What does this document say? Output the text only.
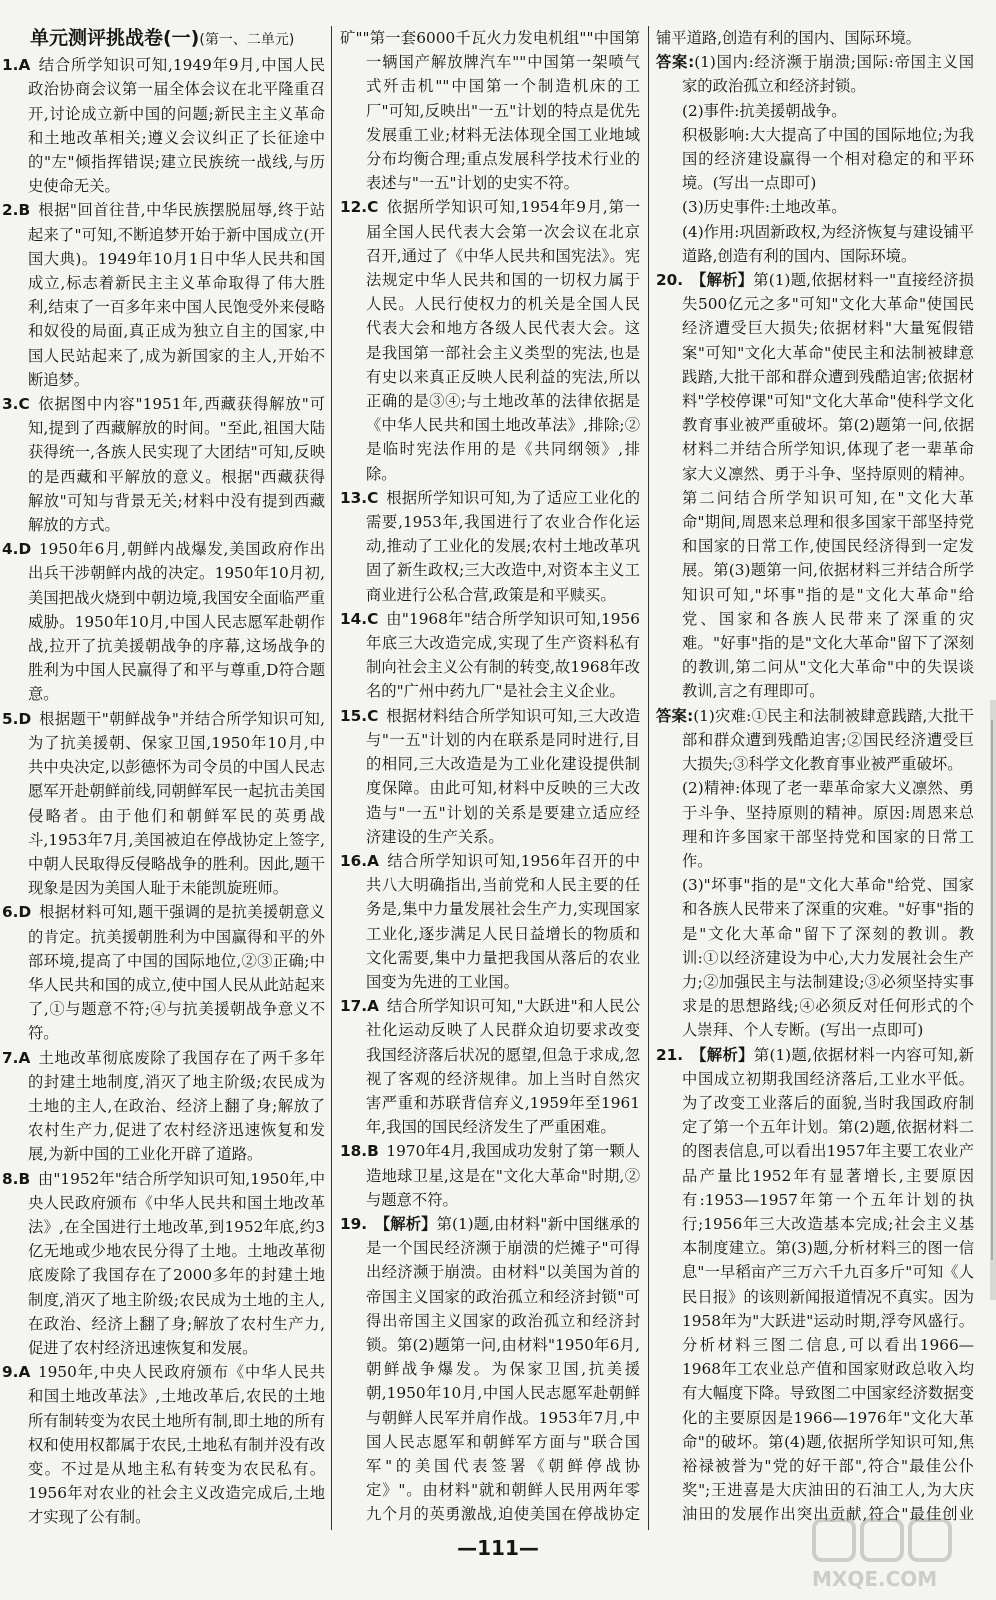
单元测评挑战卷(一)(第一、二单元)

1.A  结合所学知识可知,1949年9月,中国人民政治协商会议第一届全体会议在北平隆重召开,讨论成立新中国的问题;新民主主义革命和土地改革相关;遵义会议纠正了长征途中的"左"倾指挥错误;建立民族统一战线,与历史使命无关。

2.B  根据"回首往昔,中华民族摆脱屈辱,终于站起来了"可知,不断追梦开始于新中国成立(开国大典)。1949年10月1日中华人民共和国成立,标志着新民主主义革命取得了伟大胜利,结束了一百多年来中国人民饱受外来侵略和奴役的局面,真正成为独立自主的国家,中国人民站起来了,成为新国家的主人,开始不断追梦。

3.C  依据图中内容"1951年,西藏获得解放"可知,提到了西藏解放的时间。"至此,祖国大陆获得统一,各族人民实现了大团结"可知,反映的是西藏和平解放的意义。根据"西藏获得解放"可知与背景无关;材料中没有提到西藏解放的方式。

4.D  1950年6月,朝鲜内战爆发,美国政府作出出兵干涉朝鲜内战的决定。1950年10月初,美国把战火烧到中朝边境,我国安全面临严重威胁。1950年10月,中国人民志愿军赴朝作战,拉开了抗美援朝战争的序幕,这场战争的胜利为中国人民赢得了和平与尊重,D符合题意。

5.D  根据题干"朝鲜战争"并结合所学知识可知,为了抗美援朝、保家卫国,1950年10月,中共中央决定,以彭德怀为司令员的中国人民志愿军开赴朝鲜前线,同朝鲜军民一起抗击美国侵略者。由于他们和朝鲜军民的英勇战斗,1953年7月,美国被迫在停战协定上签字,中朝人民取得反侵略战争的胜利。因此,题干现象是因为美国人耻于未能凯旋班师。

6.D  根据材料可知,题干强调的是抗美援朝意义的肯定。抗美援朝胜利为中国赢得和平的外部环境,提高了中国的国际地位,②③正确;中华人民共和国的成立,使中国人民从此站起来了,①与题意不符;④与抗美援朝战争意义不符。

7.A  土地改革彻底废除了我国存在了两千多年的封建土地制度,消灭了地主阶级;农民成为土地的主人,在政治、经济上翻了身;解放了农村生产力,促进了农村经济迅速恢复和发展,为新中国的工业化开辟了道路。

8.B  由"1952年"结合所学知识可知,1950年,中央人民政府颁布《中华人民共和国土地改革法》,在全国进行土地改革,到1952年底,约3亿无地或少地农民分得了土地。土地改革彻底废除了我国存在了2000多年的封建土地制度,消灭了地主阶级;农民成为土地的主人,在政治、经济上翻了身;解放了农村生产力,促进了农村经济迅速恢复和发展。

9.A  1950年,中央人民政府颁布《中华人民共和国土地改革法》,土地改革后,农民的土地所有制转变为农民土地所有制,即土地的所有权和使用权都属于农民,土地私有制并没有改变。不过是从地主私有转变为农民私有。1956年对农业的社会主义改造完成后,土地才实现了公有制。

矿""第一套6000千瓦火力发电机组""中国第一辆国产解放牌汽车""中国第一架喷气式歼击机""中国第一个制造机床的工厂"可知,反映出"一五"计划的特点是优先发展重工业;材料无法体现全国工业地域分布均衡合理;重点发展科学技术行业的表述与"一五"计划的史实不符。

12.C  依据所学知识可知,1954年9月,第一届全国人民代表大会第一次会议在北京召开,通过了《中华人民共和国宪法》。宪法规定中华人民共和国的一切权力属于人民。人民行使权力的机关是全国人民代表大会和地方各级人民代表大会。这是我国第一部社会主义类型的宪法,也是有史以来真正反映人民利益的宪法,所以正确的是③④;与土地改革的法律依据是《中华人民共和国土地改革法》,排除;②是临时宪法作用的是《共同纲领》,排除。

13.C  根据所学知识可知,为了适应工业化的需要,1953年,我国进行了农业合作化运动,推动了工业化的发展;农村土地改革巩固了新生政权;三大改造中,对资本主义工商业进行公私合营,政策是和平赎买。

14.C  由"1968年"结合所学知识可知,1956年底三大改造完成,实现了生产资料私有制向社会主义公有制的转变,故1968年改名的"广州中药九厂"是社会主义企业。

15.C  根据材料结合所学知识可知,三大改造与"一五"计划的内在联系是同时进行,目的相同,三大改造是为工业化建设提供制度保障。由此可知,材料中反映的三大改造与"一五"计划的关系是要建立适应经济建设的生产关系。

16.A  结合所学知识可知,1956年召开的中共八大明确指出,当前党和人民主要的任务是,集中力量发展社会生产力,实现国家工业化,逐步满足人民日益增长的物质和文化需要,集中力量把我国从落后的农业国变为先进的工业国。

17.A  结合所学知识可知,"大跃进"和人民公社化运动反映了人民群众迫切要求改变我国经济落后状况的愿望,但急于求成,忽视了客观的经济规律。加上当时自然灾害严重和苏联背信弃义,1959年至1961年,我国的国民经济发生了严重困难。

18.B  1970年4月,我国成功发射了第一颗人造地球卫星,这是在"文化大革命"时期,②与题意不符。

19.  【解析】第(1)题,由材料"新中国继承的是一个国民经济濒于崩溃的烂摊子"可得出经济濒于崩溃。由材料"以美国为首的帝国主义国家的政治孤立和经济封锁"可得出帝国主义国家的政治孤立和经济封锁。第(2)题第一问,由材料"1950年6月,朝鲜战争爆发。为保家卫国,抗美援朝,1950年10月,中国人民志愿军赴朝鲜与朝鲜人民军并肩作战。1953年7月,中国人民志愿军和朝鲜军方面与"联合国军"的美国代表签署《朝鲜停战协定》"。由材料"就和朝鲜人民用两年零九个月的英勇激战,迫使美国在停战协定

铺平道路,创造有利的国内、国际环境。

答案:(1)国内:经济濒于崩溃;国际:帝国主义国家的政治孤立和经济封锁。

(2)事件:抗美援朝战争。

积极影响:大大提高了中国的国际地位;为我国的经济建设赢得一个相对稳定的和平环境。(写出一点即可)

(3)历史事件:土地改革。

(4)作用:巩固新政权,为经济恢复与建设铺平道路,创造有利的国内、国际环境。

20.  【解析】第(1)题,依据材料一"直接经济损失500亿元之多"可知"文化大革命"使国民经济遭受巨大损失;依据材料"大量冤假错案"可知"文化大革命"使民主和法制被肆意践踏,大批干部和群众遭到残酷迫害;依据材料"学校停课"可知"文化大革命"使科学文化教育事业被严重破坏。第(2)题第一问,依据材料二并结合所学知识,体现了老一辈革命家大义凛然、勇于斗争、坚持原则的精神。第二问结合所学知识可知,在"文化大革命"期间,周恩来总理和很多国家干部坚持党和国家的日常工作,使国民经济得到一定发展。第(3)题第一问,依据材料三并结合所学知识可知,"坏事"指的是"文化大革命"给党、国家和各族人民带来了深重的灾难。"好事"指的是"文化大革命"留下了深刻的教训,第二问从"文化大革命"中的失误谈教训,言之有理即可。

答案:(1)灾难:①民主和法制被肆意践踏,大批干部和群众遭到残酷迫害;②国民经济遭受巨大损失;③科学文化教育事业被严重破坏。

(2)精神:体现了老一辈革命家大义凛然、勇于斗争、坚持原则的精神。原因:周恩来总理和许多国家干部坚持党和国家的日常工作。

(3)"坏事"指的是"文化大革命"给党、国家和各族人民带来了深重的灾难。"好事"指的是"文化大革命"留下了深刻的教训。教训:①以经济建设为中心,大力发展社会生产力;②加强民主与法制建设;③必须坚持实事求是的思想路线;④必须反对任何形式的个人崇拜、个人专断。(写出一点即可)

21.  【解析】第(1)题,依据材料一内容可知,新中国成立初期我国经济落后,工业水平低。为了改变工业落后的面貌,当时我国政府制定了第一个五年计划。第(2)题,依据材料二的图表信息,可以看出1957年主要工农业产品产量比1952年有显著增长,主要原因有:1953—1957年第一个五年计划的执行;1956年三大改造基本完成;社会主义基本制度建立。第(3)题,分析材料三的图一信息"一早稻亩产三万六千九百多斤"可知《人民日报》的该则新闻报道情况不真实。因为1958年为"大跃进"运动时期,浮夸风盛行。分析材料三图二信息,可以看出1966—1968年工农业总产值和国家财政总收入均有大幅度下降。导致图二中国家经济数据变化的主要原因是1966—1976年"文化大革命"的破坏。第(4)题,依据所学知识可知,焦裕禄被誉为"党的好干部",符合"最佳公仆奖";王进喜是大庆油田的石油工人,为大庆油田的发展作出突出贡献,符合"最佳创业

—111—
MXQE.COM
